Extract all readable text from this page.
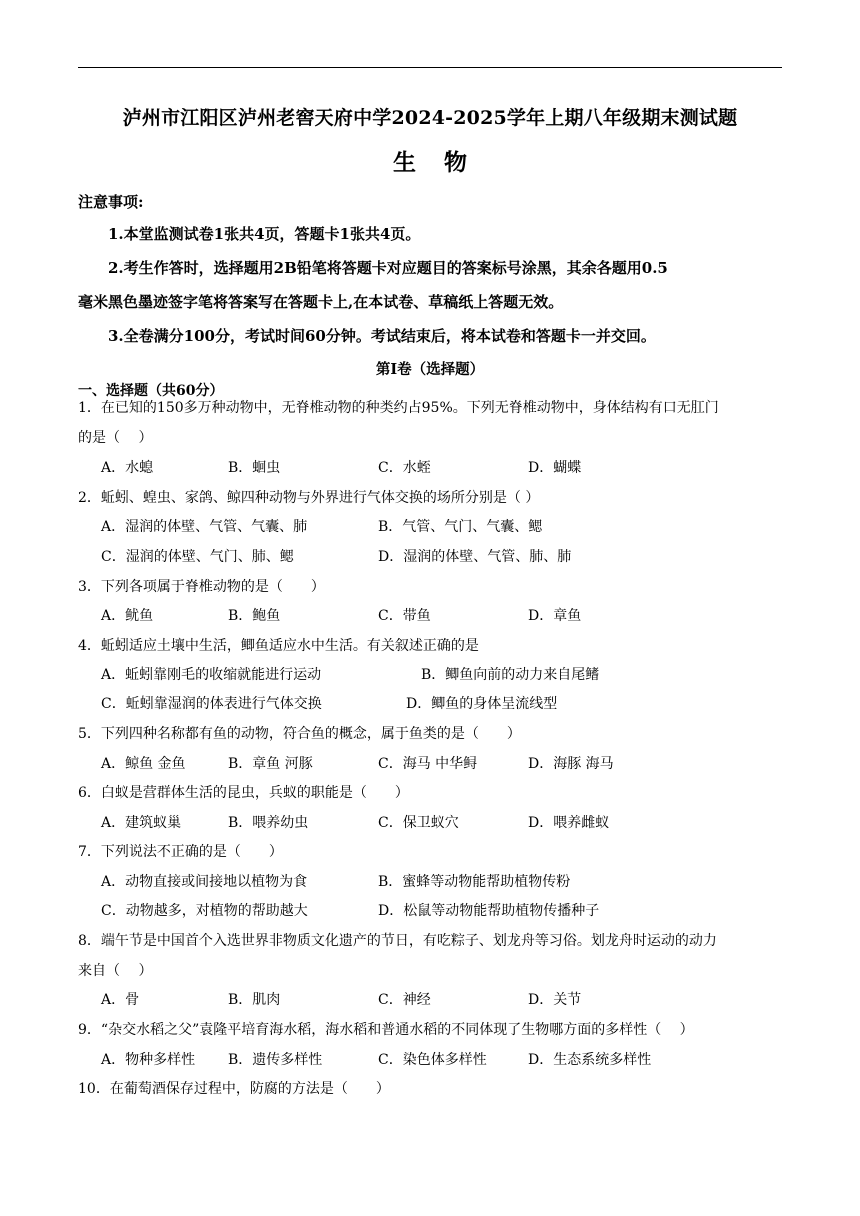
泸州市江阳区泸州老窖天府中学2024-2025学年上期八年级期末测试题
生 物
注意事项:
1.本堂监测试卷1张共4页，答题卡1张共4页。
2.考生作答时，选择题用2B铅笔将答题卡对应题目的答案标号涂黑，其余各题用0.5
毫米黑色墨迹签字笔将答案写在答题卡上,在本试卷、草稿纸上答题无效。
3.全卷满分100分，考试时间60分钟。考试结束后，将本试卷和答题卡一并交回。
第Ⅰ卷（选择题）
一、选择题（共60分）
1．在已知的150多万种动物中，无脊椎动物的种类约占95%。下列无脊椎动物中，身体结构有口无肛门
的是（　 ）
A．水螅	B．蛔虫	C．水蛭	D．蝴蝶
2．蚯蚓、蝗虫、家鸽、鲸四种动物与外界进行气体交换的场所分别是（ ）
A．湿润的体壁、气管、气囊、肺	B．气管、气门、气囊、鳃
C．湿润的体壁、气门、肺、鳃	D．湿润的体壁、气管、肺、肺
3．下列各项属于脊椎动物的是（　　）
A．鱿鱼	B．鲍鱼	C．带鱼	D．章鱼
4．蚯蚓适应土壤中生活，鲫鱼适应水中生活。有关叙述正确的是
A．蚯蚓靠刚毛的收缩就能进行运动	B．鲫鱼向前的动力来自尾鳍
C．蚯蚓靠湿润的体表进行气体交换	D．鲫鱼的身体呈流线型
5．下列四种名称都有鱼的动物，符合鱼的概念，属于鱼类的是（　　）
A．鲸鱼 金鱼	B．章鱼 河豚	C．海马 中华鲟	D．海豚 海马
6．白蚁是营群体生活的昆虫，兵蚁的职能是（　　）
A．建筑蚁巢	B．喂养幼虫	C．保卫蚁穴	D．喂养雌蚁
7．下列说法不正确的是（　　）
A．动物直接或间接地以植物为食	B．蜜蜂等动物能帮助植物传粉
C．动物越多，对植物的帮助越大	D．松鼠等动物能帮助植物传播种子
8．端午节是中国首个入选世界非物质文化遗产的节日，有吃粽子、划龙舟等习俗。划龙舟时运动的动力
来自（　 ）
A．骨	B．肌肉	C．神经	D．关节
9．“杂交水稻之父”袁隆平培育海水稻，海水稻和普通水稻的不同体现了生物哪方面的多样性（　 ）
A．物种多样性 B．遗传多样性	C．染色体多样性	D．生态系统多样性
10．在葡萄酒保存过程中，防腐的方法是（　　）
